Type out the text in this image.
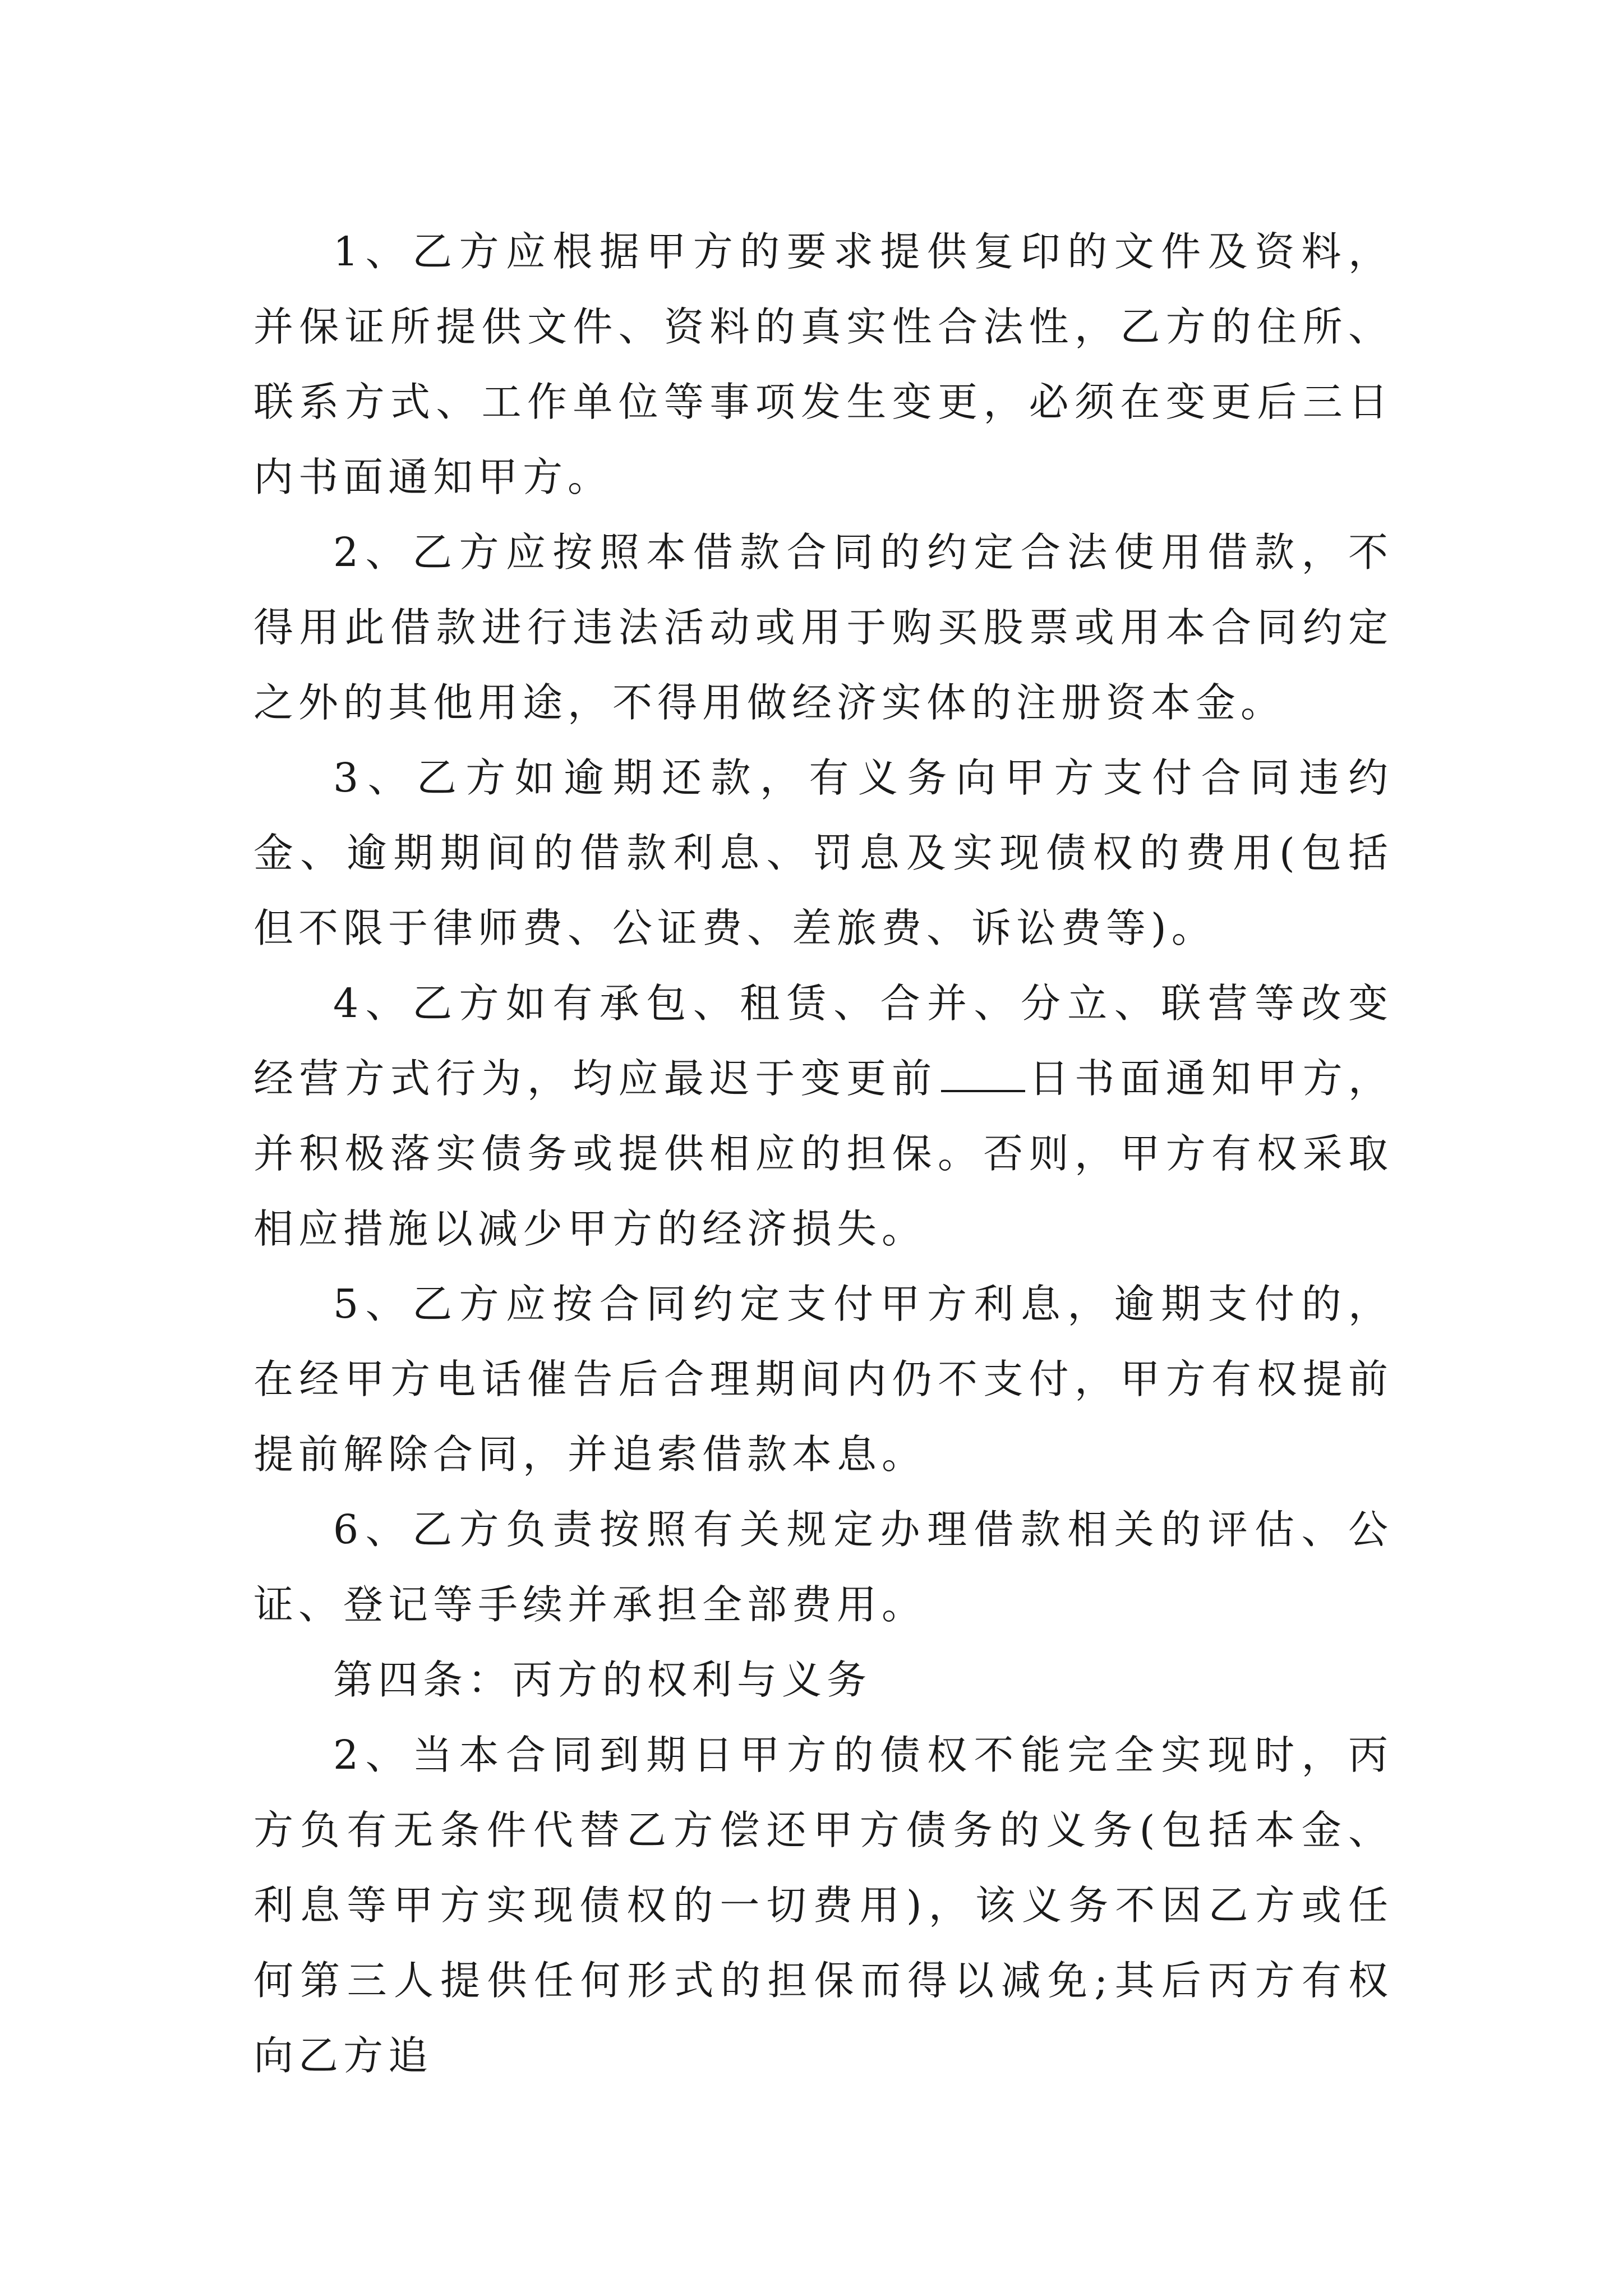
1、乙方应根据甲方的要求提供复印的文件及资料，并保证所提供文件、资料的真实性合法性，乙方的住所、联系方式、工作单位等事项发生变更，必须在变更后三日内书面通知甲方。

2、乙方应按照本借款合同的约定合法使用借款，不得用此借款进行违法活动或用于购买股票或用本合同约定之外的其他用途，不得用做经济实体的注册资本金。

3、乙方如逾期还款，有义务向甲方支付合同违约金、逾期期间的借款利息、罚息及实现债权的费用(包括但不限于律师费、公证费、差旅费、诉讼费等)。

4、乙方如有承包、租赁、合并、分立、联营等改变经营方式行为，均应最迟于变更前 日书面通知甲方，并积极落实债务或提供相应的担保。否则，甲方有权采取相应措施以减少甲方的经济损失。

5、乙方应按合同约定支付甲方利息，逾期支付的，在经甲方电话催告后合理期间内仍不支付，甲方有权提前提前解除合同，并追索借款本息。

6、乙方负责按照有关规定办理借款相关的评估、公证、登记等手续并承担全部费用。

第四条：丙方的权利与义务

2、当本合同到期日甲方的债权不能完全实现时，丙方负有无条件代替乙方偿还甲方债务的义务(包括本金、利息等甲方实现债权的一切费用)，该义务不因乙方或任何第三人提供任何形式的担保而得以减免;其后丙方有权向乙方追
